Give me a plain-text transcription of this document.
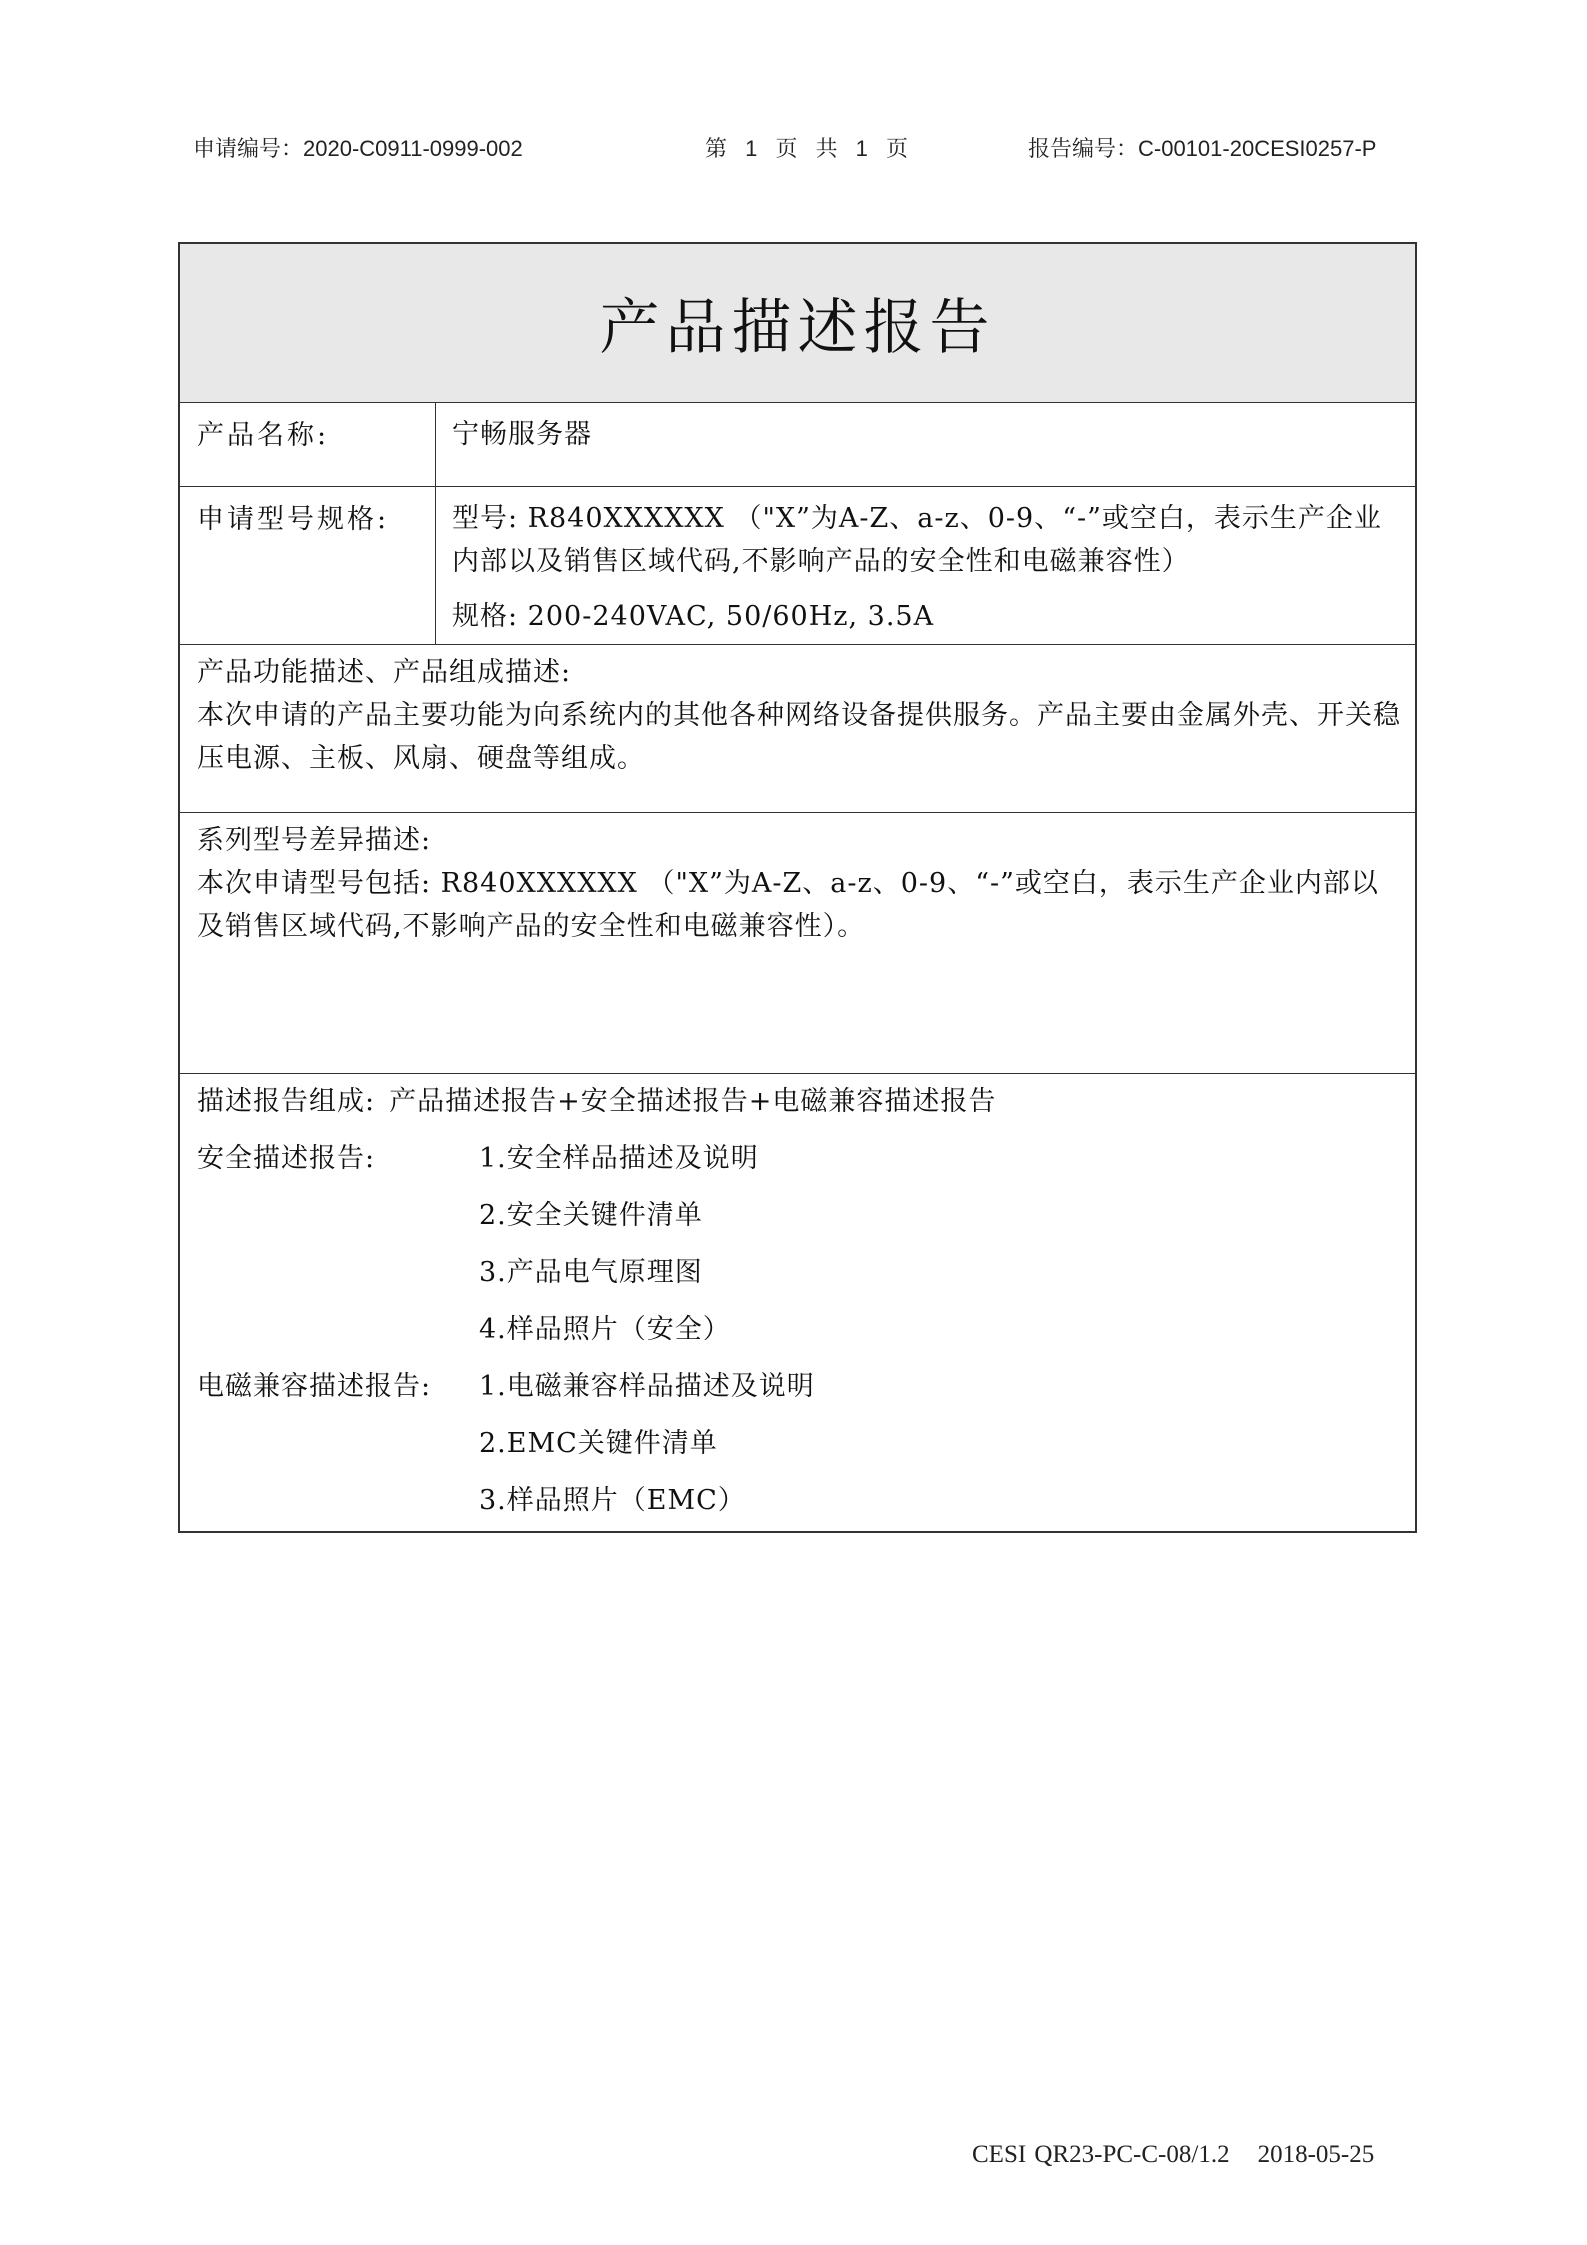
申请编号：2020-C0911-0999-002	第 1 页 共 1 页	报告编号：C-00101-20CESI0257-P
产品描述报告
产品名称:	宁畅服务器
申请型号规格:	型号: R840XXXXXX （"X”为A-Z、a-z、0-9、“-”或空白，表示生产企业内部以及销售区域代码,不影响产品的安全性和电磁兼容性）
规格: 200-240VAC, 50/60Hz, 3.5A
产品功能描述、产品组成描述:
本次申请的产品主要功能为向系统内的其他各种网络设备提供服务。产品主要由金属外壳、开关稳压电源、主板、风扇、硬盘等组成。
系列型号差异描述:
本次申请型号包括: R840XXXXXX （"X”为A-Z、a-z、0-9、“-”或空白，表示生产企业内部以及销售区域代码,不影响产品的安全性和电磁兼容性）。
描述报告组成: 产品描述报告+安全描述报告+电磁兼容描述报告
安全描述报告:	1.安全样品描述及说明
2.安全关键件清单
3.产品电气原理图
4.样品照片（安全）
电磁兼容描述报告:	1.电磁兼容样品描述及说明
2.EMC关键件清单
3.样品照片（EMC）
CESI QR23-PC-C-08/1.2 2018-05-25
